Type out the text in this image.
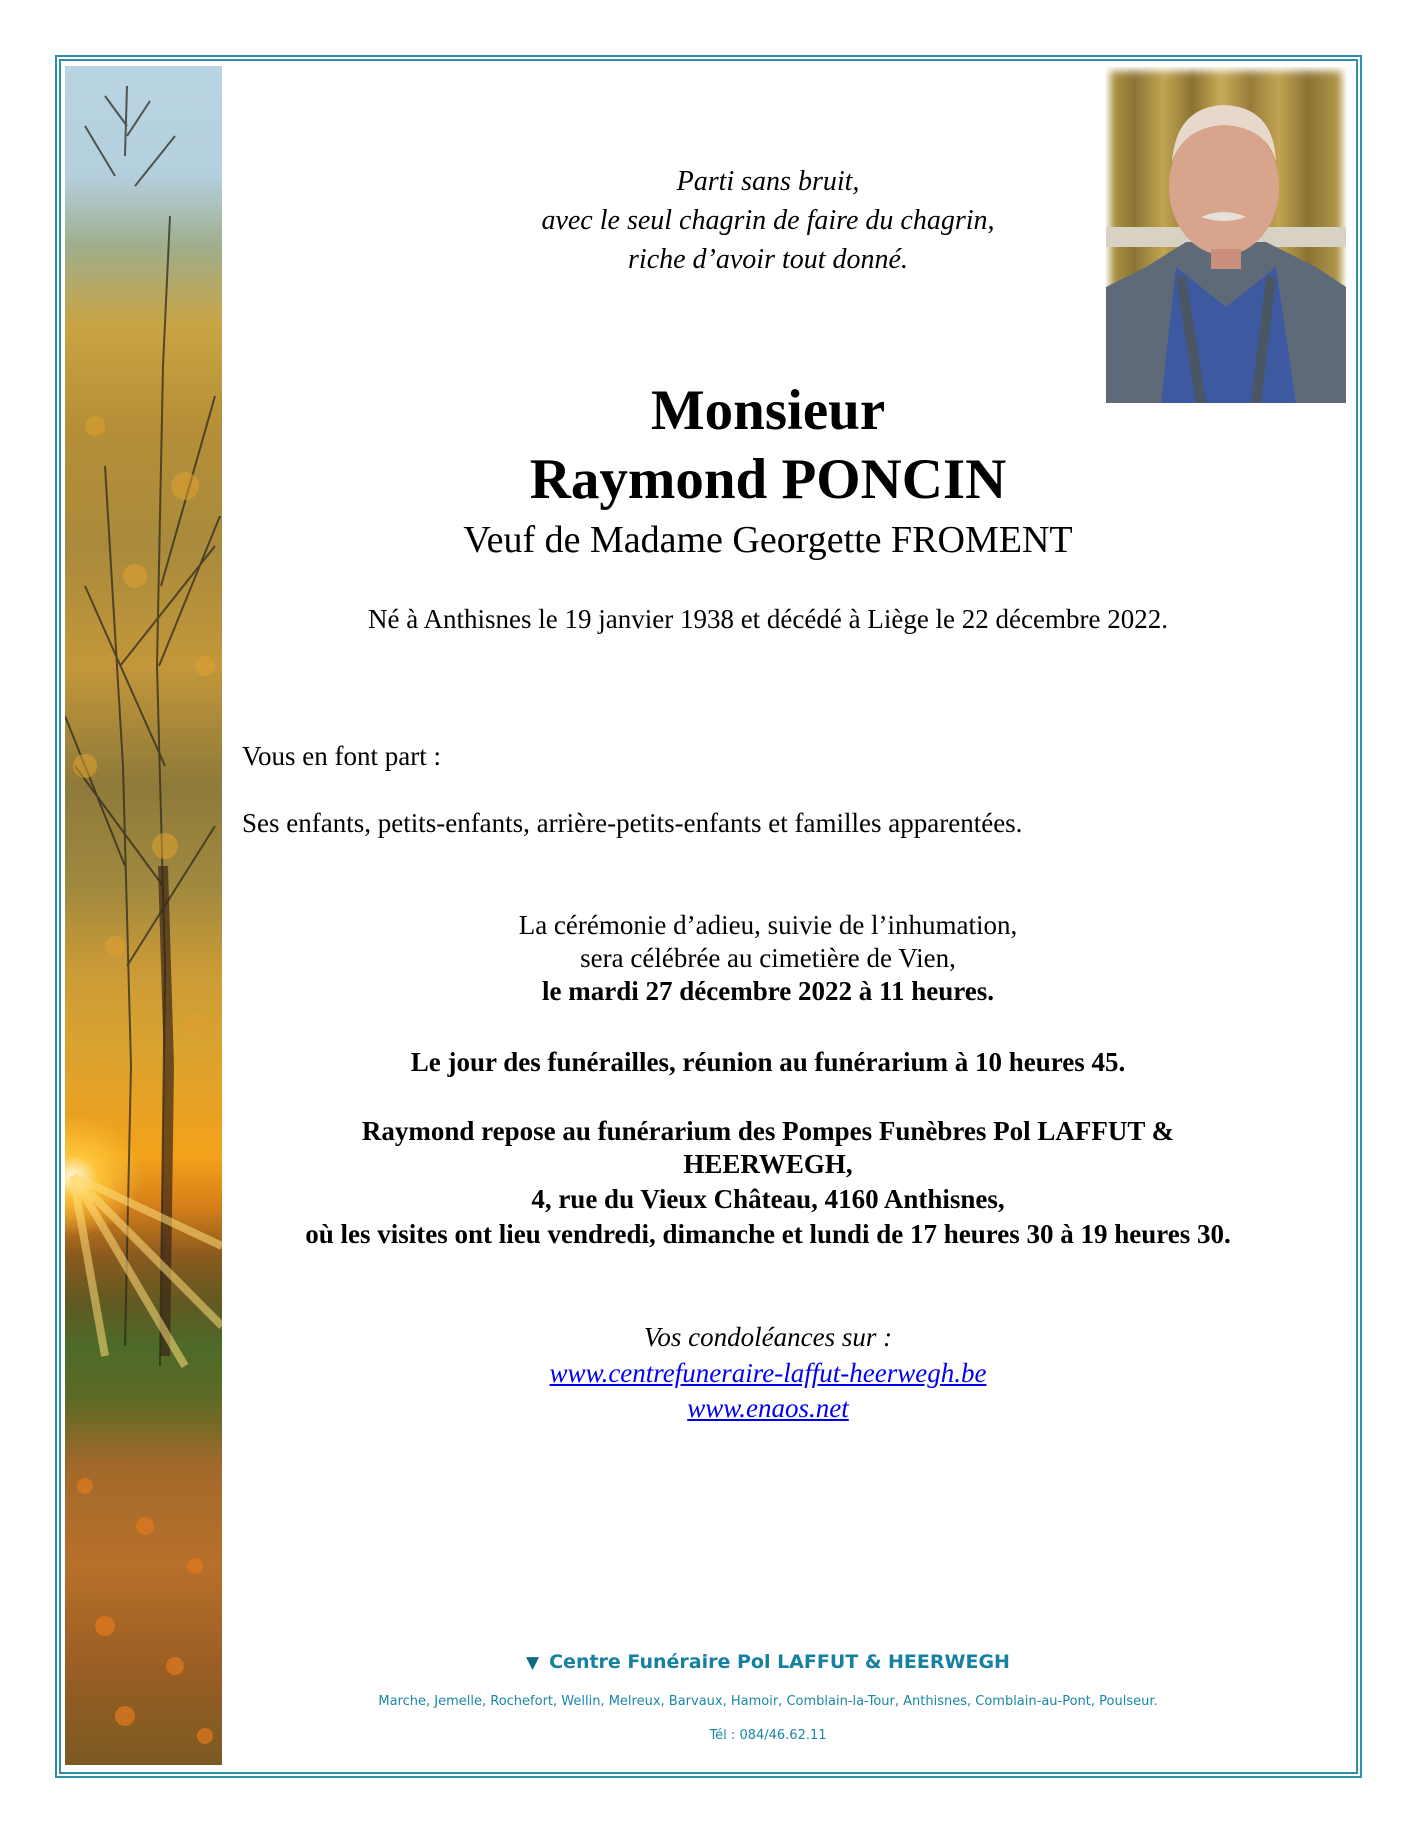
Parti sans bruit,
avec le seul chagrin de faire du chagrin,
riche d’avoir tout donné.
Monsieur
Raymond PONCIN
Veuf de Madame Georgette FROMENT
Né à Anthisnes le 19 janvier 1938 et décédé à Liège le 22 décembre 2022.
Vous en font part :
Ses enfants, petits-enfants, arrière-petits-enfants et familles apparentées.
La cérémonie d’adieu, suivie de l’inhumation,
sera célébrée au cimetière de Vien,
le mardi 27 décembre 2022 à 11 heures.
Le jour des funérailles, réunion au funérarium à 10 heures 45.
Raymond repose au funérarium des Pompes Funèbres Pol LAFFUT &
HEERWEGH,
4, rue du Vieux Château, 4160 Anthisnes,
où les visites ont lieu vendredi, dimanche et lundi de 17 heures 30 à 19 heures 30.
Vos condoléances sur :
www.centrefuneraire-laffut-heerwegh.be
www.enaos.net
▼ Centre Funéraire Pol LAFFUT & HEERWEGH
Marche, Jemelle, Rochefort, Wellin, Melreux, Barvaux, Hamoir, Comblain-la-Tour, Anthisnes, Comblain-au-Pont, Poulseur.
Tél : 084/46.62.11
